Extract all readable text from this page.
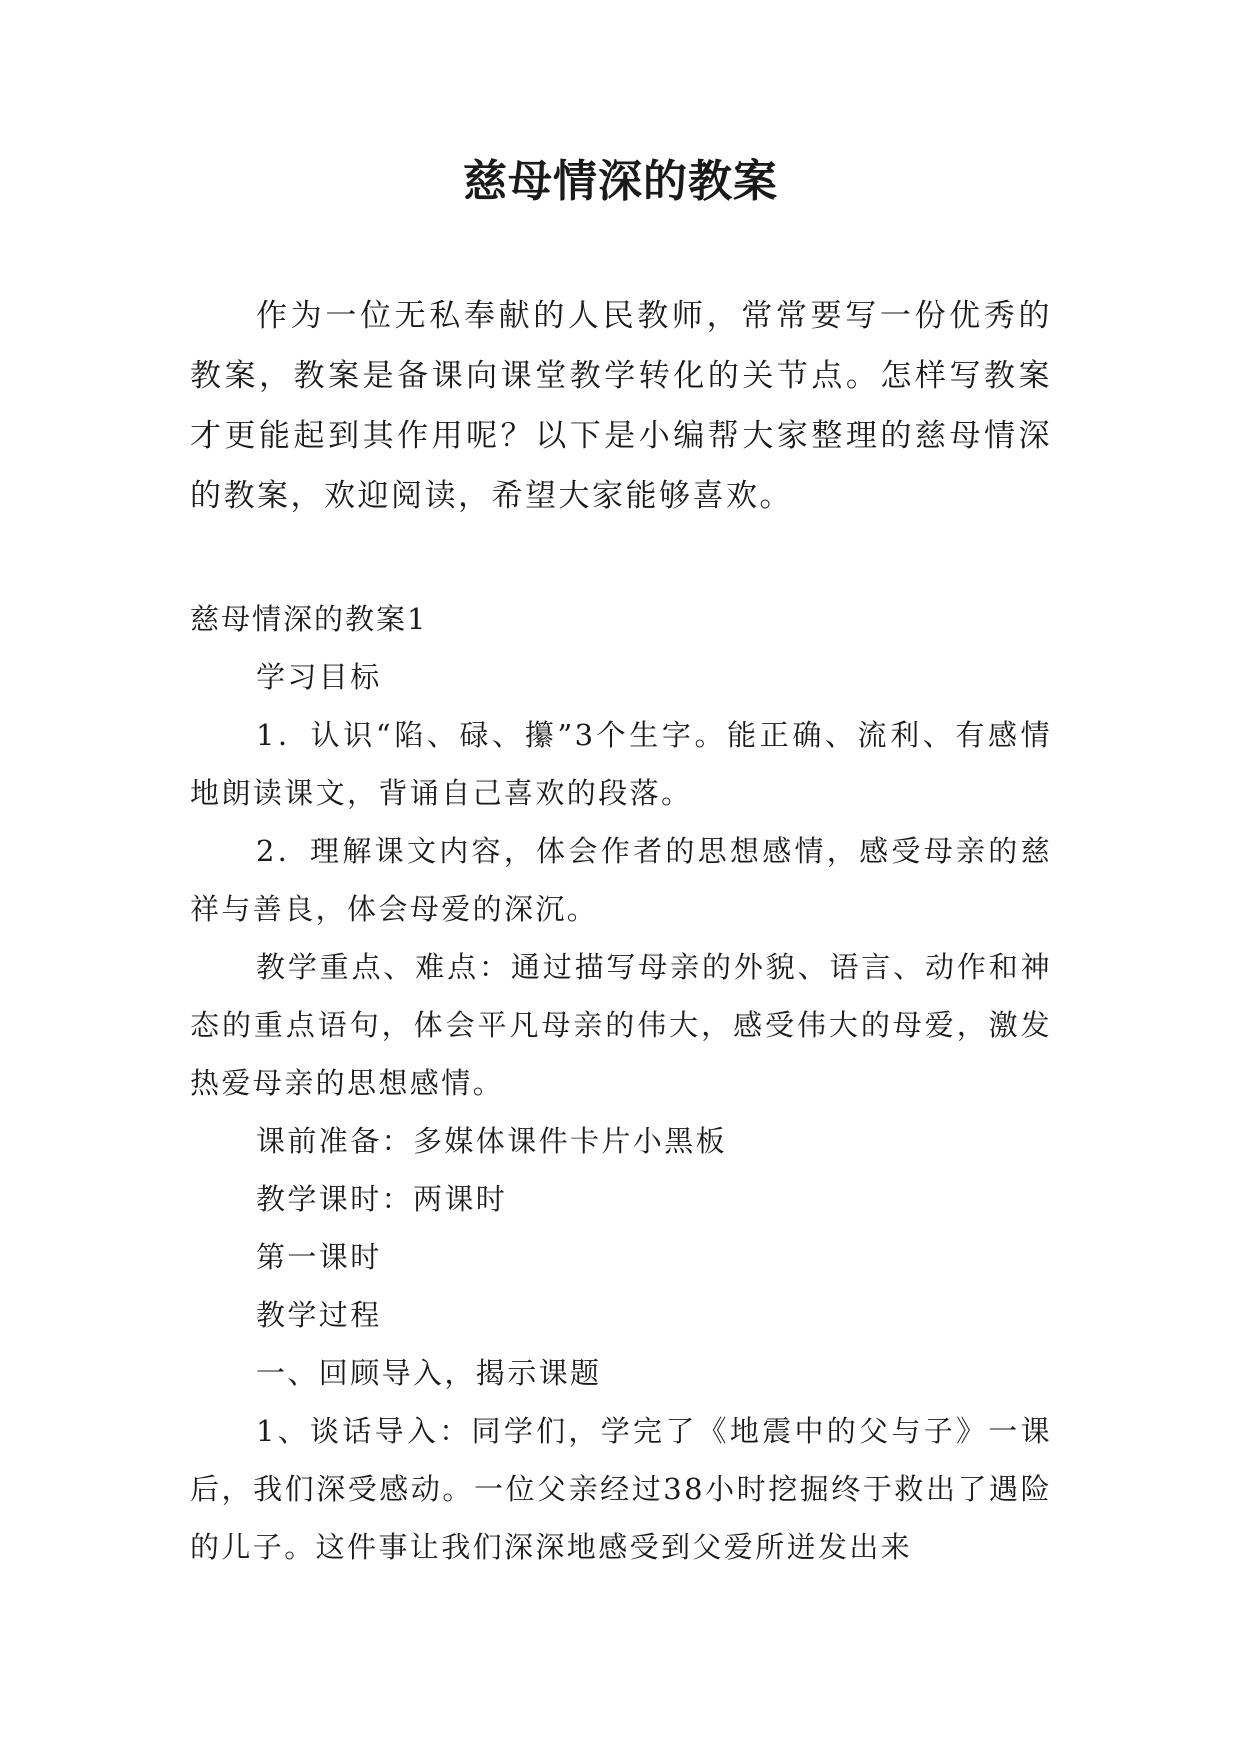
慈母情深的教案

作为一位无私奉献的人民教师，常常要写一份优秀的教案，教案是备课向课堂教学转化的关节点。怎样写教案才更能起到其作用呢？以下是小编帮大家整理的慈母情深的教案，欢迎阅读，希望大家能够喜欢。

慈母情深的教案1

学习目标

1．认识“陷、碌、攥”3个生字。能正确、流利、有感情地朗读课文，背诵自己喜欢的段落。

2．理解课文内容，体会作者的思想感情，感受母亲的慈祥与善良，体会母爱的深沉。

教学重点、难点：通过描写母亲的外貌、语言、动作和神态的重点语句，体会平凡母亲的伟大，感受伟大的母爱，激发热爱母亲的思想感情。

课前准备：多媒体课件卡片小黑板

教学课时：两课时

第一课时

教学过程

一、回顾导入，揭示课题

1、谈话导入：同学们，学完了《地震中的父与子》一课后，我们深受感动。一位父亲经过38小时挖掘终于救出了遇险的儿子。这件事让我们深深地感受到父爱所迸发出来
